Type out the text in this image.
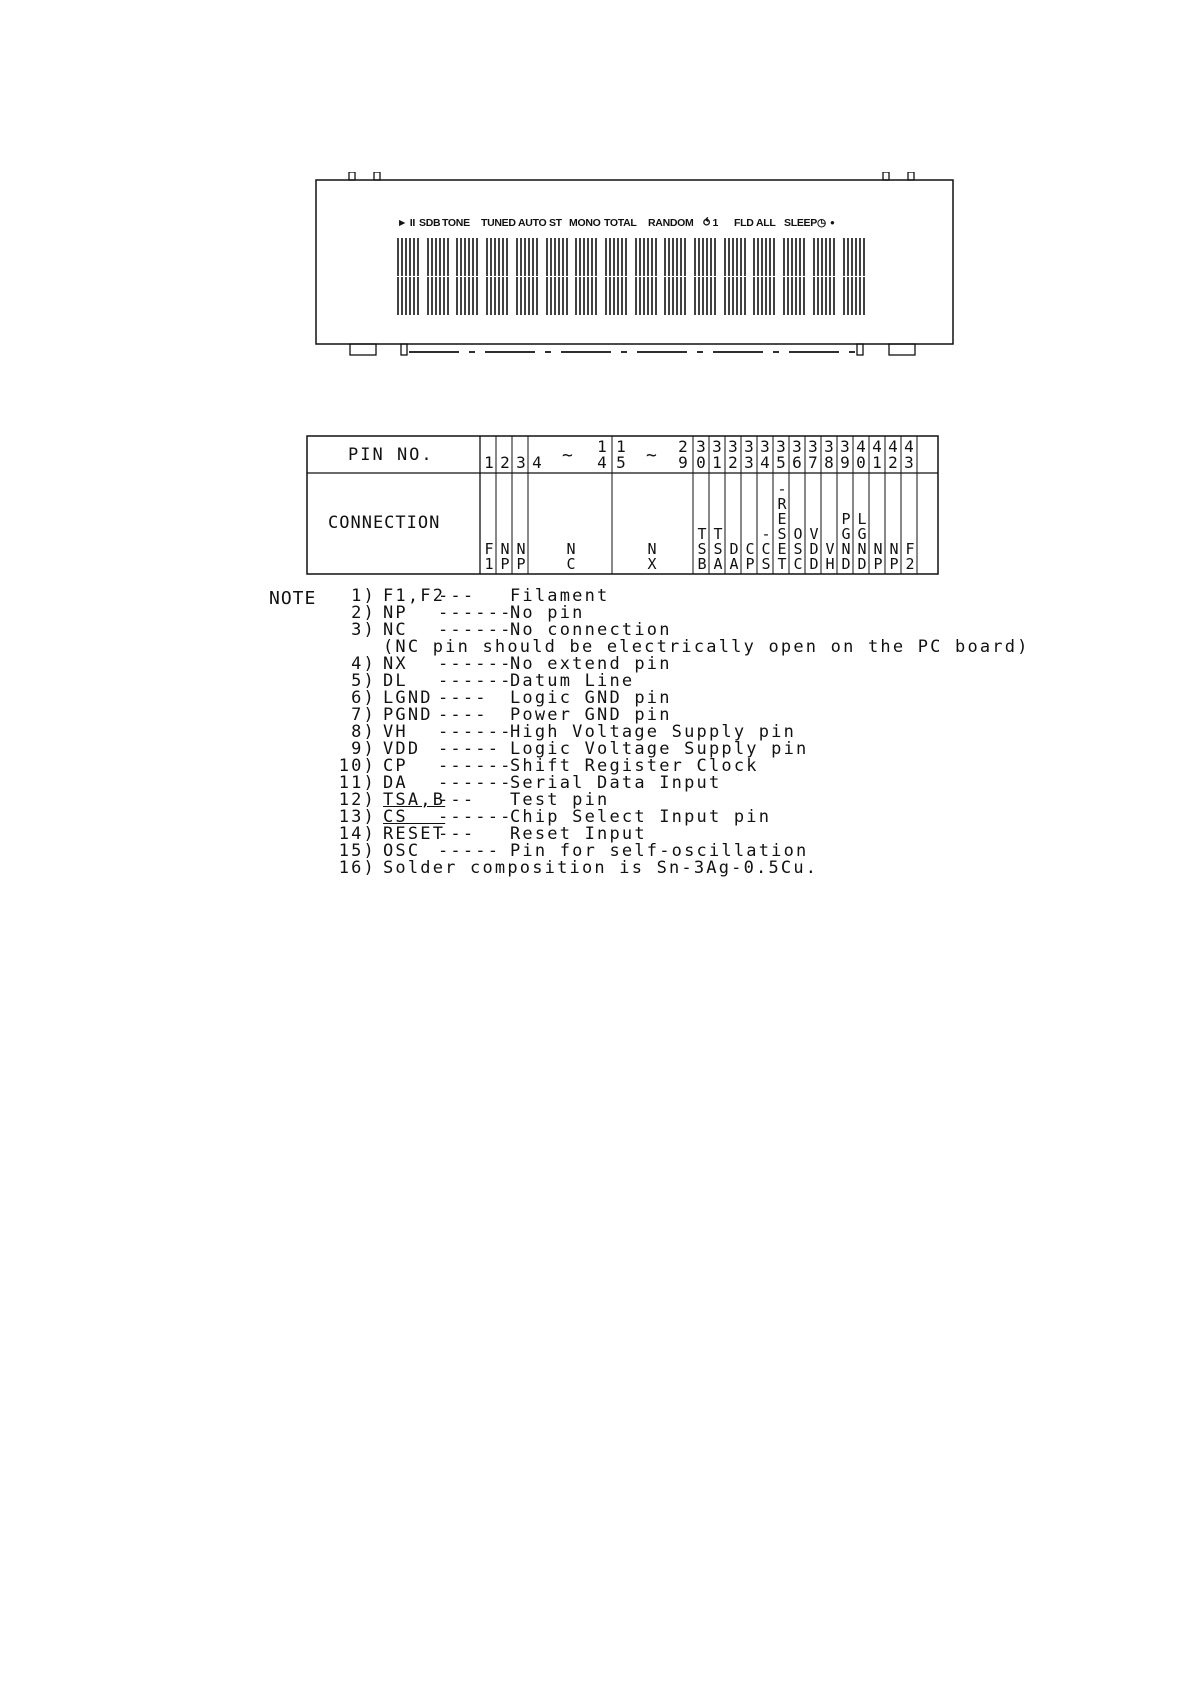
► II SDB TONE TUNED AUTO ST MONO TOTAL RANDOM ⥀ 1 FLD ALL SLEEP ◷ ●
PIN NO.
CONNECTION
1 2 3 4 ~ 14
15 ~ 29
30
31
32
33
34
35
36
37
38
39
40
41
42
43
F
1
N
P
N
P
N
C
N
X
T
S
B
T
S
A
D
A
C
P
-
C
S
-
R
E
S
E
T
O
S
C
V
D
D
V
H
P
G
N
D
L
G
N
D
N
P
N
P
F
2
NOTE	1) F1,F2
--- Filament
2) NP ------
No pin
3) NC ------
No connection
(NC pin should be electrically open on the PC board)
4) NX ------
No extend pin
5) DL ------
Datum Line
6) LGND ---- Logic GND pin
7) PGND ---- Power GND pin
8) VH ------
High Voltage Supply pin
9) VDD ----- Logic Voltage Supply pin
10) CP ------
Shift Register Clock
11) DA ------
Serial Data Input
12) TSA,B
--- Test pin
13) $\overline{CS}$ ------
Chip Select Input pin
14) RESET
--- Reset Input
15) OSC ----- Pin for self-oscillation
16) Solder composition is Sn-3Ag-0.5Cu.
